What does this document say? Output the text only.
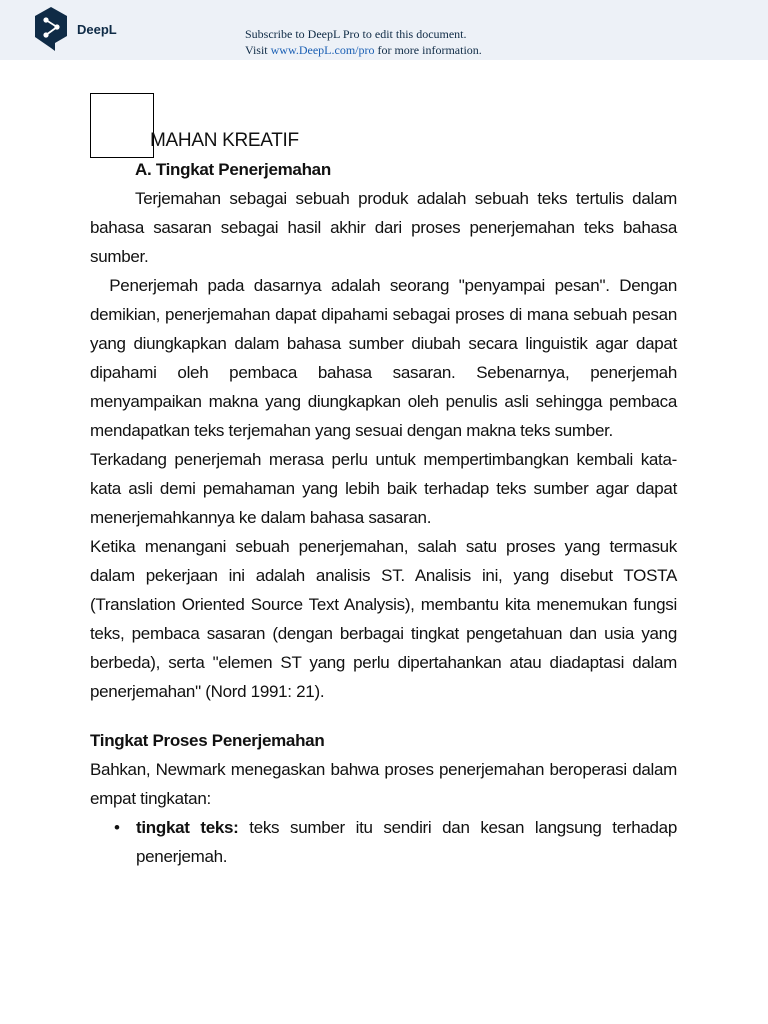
DeepL	Subscribe to DeepL Pro to edit this document.
Visit www.DeepL.com/pro for more information.

MAHAN KREATIF

A. Tingkat Penerjemahan

Terjemahan sebagai sebuah produk adalah sebuah teks tertulis dalam bahasa sasaran sebagai hasil akhir dari proses penerjemahan teks bahasa sumber.

Penerjemah pada dasarnya adalah seorang "penyampai pesan". Dengan demikian, penerjemahan dapat dipahami sebagai proses di mana sebuah pesan yang diungkapkan dalam bahasa sumber diubah secara linguistik agar dapat dipahami oleh pembaca bahasa sasaran. Sebenarnya, penerjemah menyampaikan makna yang diungkapkan oleh penulis asli sehingga pembaca mendapatkan teks terjemahan yang sesuai dengan makna teks sumber.

Terkadang penerjemah merasa perlu untuk mempertimbangkan kembali kata-kata asli demi pemahaman yang lebih baik terhadap teks sumber agar dapat menerjemahkannya ke dalam bahasa sasaran.

Ketika menangani sebuah penerjemahan, salah satu proses yang termasuk dalam pekerjaan ini adalah analisis ST. Analisis ini, yang disebut TOSTA (Translation Oriented Source Text Analysis), membantu kita menemukan fungsi teks, pembaca sasaran (dengan berbagai tingkat pengetahuan dan usia yang berbeda), serta "elemen ST yang perlu dipertahankan atau diadaptasi dalam penerjemahan" (Nord 1991: 21).

Tingkat Proses Penerjemahan

Bahkan, Newmark menegaskan bahwa proses penerjemahan beroperasi dalam empat tingkatan:

• tingkat teks: teks sumber itu sendiri dan kesan langsung terhadap penerjemah.
